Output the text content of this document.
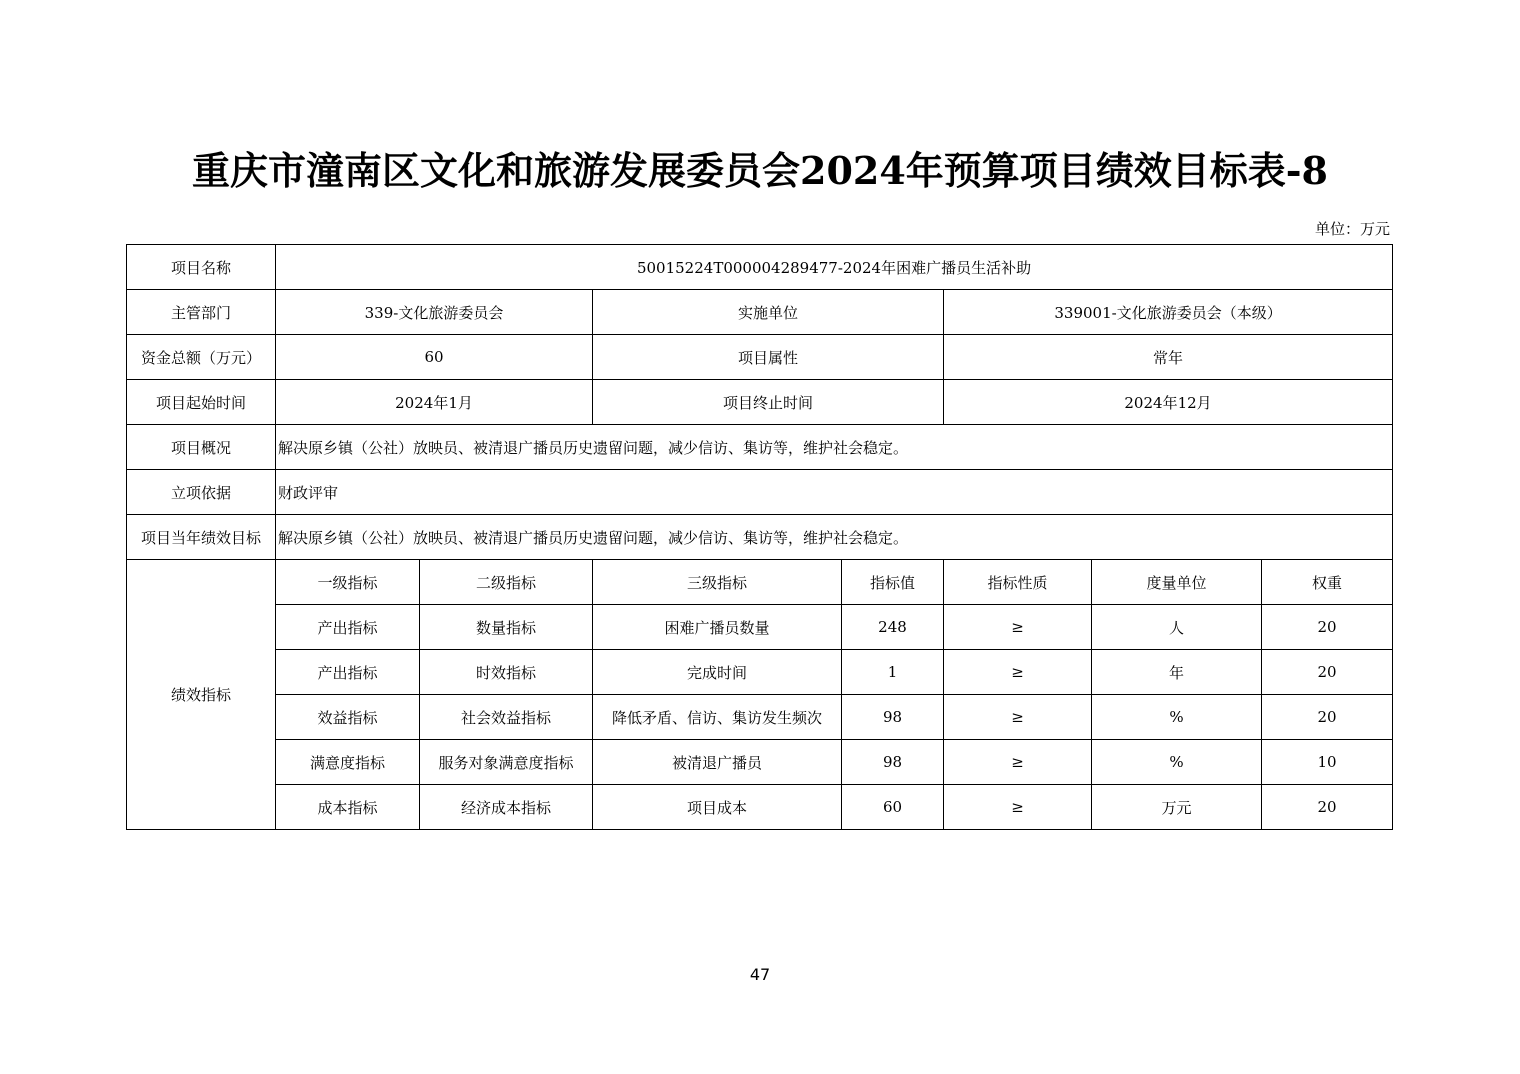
重庆市潼南区文化和旅游发展委员会2024年预算项目绩效目标表-8
单位：万元
项目名称	50015224T000004289477-2024年困难广播员生活补助						
主管部门	339-文化旅游委员会		实施单位		339001-文化旅游委员会（本级）		
资金总额（万元）	60		项目属性		常年		
项目起始时间	2024年1月		项目终止时间		2024年12月		
项目概况	解决原乡镇（公社）放映员、被清退广播员历史遗留问题，减少信访、集访等，维护社会稳定。						
立项依据	财政评审						
项目当年绩效目标	解决原乡镇（公社）放映员、被清退广播员历史遗留问题，减少信访、集访等，维护社会稳定。						
绩效指标	一级指标	二级指标	三级指标	指标值	指标性质	度量单位	权重
	产出指标	数量指标	困难广播员数量	248	≥	人	20
	产出指标	时效指标	完成时间	1	≥	年	20
	效益指标	社会效益指标	降低矛盾、信访、集访发生频次	98	≥	%	20
	满意度指标	服务对象满意度指标	被清退广播员	98	≥	%	10
	成本指标	经济成本指标	项目成本	60	≥	万元	20
47
